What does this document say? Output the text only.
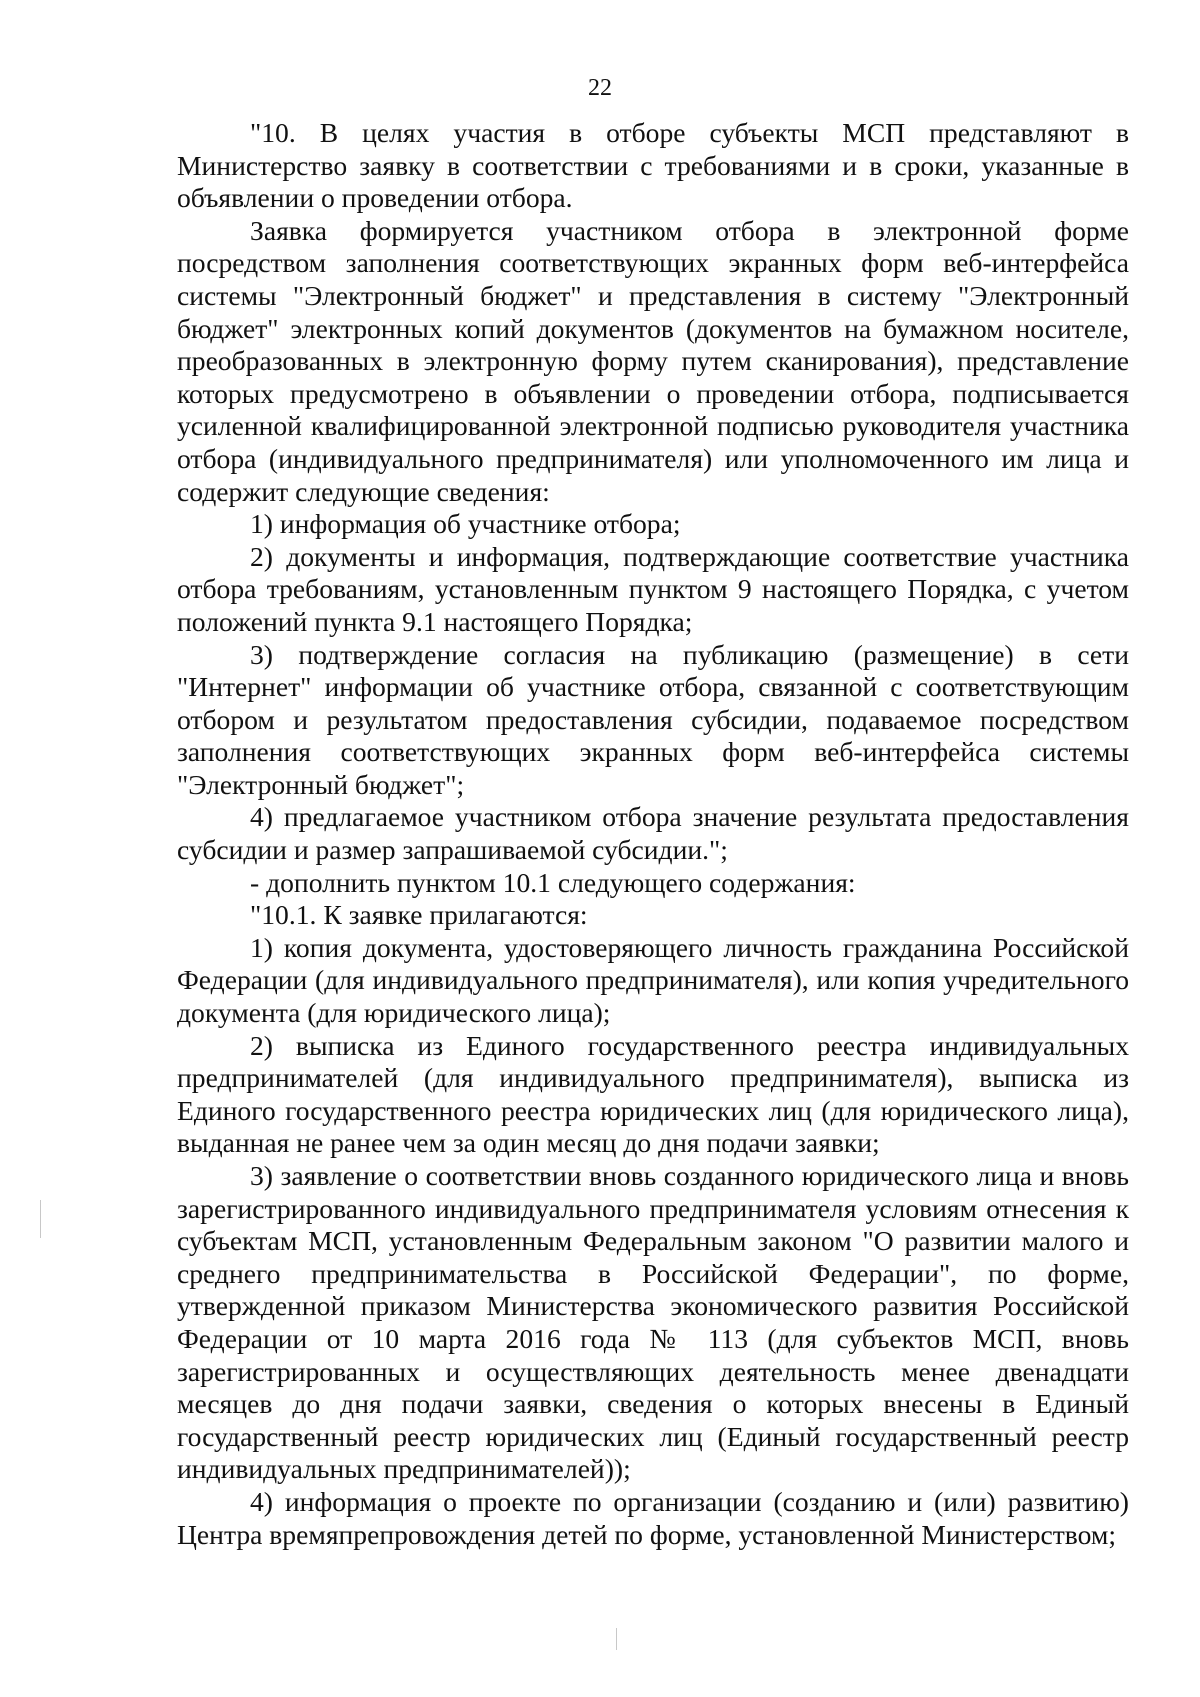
22

"10. В целях участия в отборе субъекты МСП представляют в Министерство заявку в соответствии с требованиями и в сроки, указанные в объявлении о проведении отбора.

Заявка формируется участником отбора в электронной форме посредством заполнения соответствующих экранных форм веб-интерфейса системы "Электронный бюджет" и представления в систему "Электронный бюджет" электронных копий документов (документов на бумажном носителе, преобразованных в электронную форму путем сканирования), представление которых предусмотрено в объявлении о проведении отбора, подписывается усиленной квалифицированной электронной подписью руководителя участника отбора (индивидуального предпринимателя) или уполномоченного им лица и содержит следующие сведения:

1) информация об участнике отбора;

2) документы и информация, подтверждающие соответствие участника отбора требованиям, установленным пунктом 9 настоящего Порядка, с учетом положений пункта 9.1 настоящего Порядка;

3) подтверждение согласия на публикацию (размещение) в сети "Интернет" информации об участнике отбора, связанной с соответствующим отбором и результатом предоставления субсидии, подаваемое посредством заполнения соответствующих экранных форм веб-интерфейса системы "Электронный бюджет";

4) предлагаемое участником отбора значение результата предоставления субсидии и размер запрашиваемой субсидии.";

- дополнить пунктом 10.1 следующего содержания:

"10.1. К заявке прилагаются:

1) копия документа, удостоверяющего личность гражданина Российской Федерации (для индивидуального предпринимателя), или копия учредительного документа (для юридического лица);

2) выписка из Единого государственного реестра индивидуальных предпринимателей (для индивидуального предпринимателя), выписка из Единого государственного реестра юридических лиц (для юридического лица), выданная не ранее чем за один месяц до дня подачи заявки;

3) заявление о соответствии вновь созданного юридического лица и вновь зарегистрированного индивидуального предпринимателя условиям отнесения к субъектам МСП, установленным Федеральным законом "О развитии малого и среднего предпринимательства в Российской Федерации", по форме, утвержденной приказом Министерства экономического развития Российской Федерации от 10 марта 2016 года № 113 (для субъектов МСП, вновь зарегистрированных и осуществляющих деятельность менее двенадцати месяцев до дня подачи заявки, сведения о которых внесены в Единый государственный реестр юридических лиц (Единый государственный реестр индивидуальных предпринимателей));

4) информация о проекте по организации (созданию и (или) развитию) Центра времяпрепровождения детей по форме, установленной Министерством;
